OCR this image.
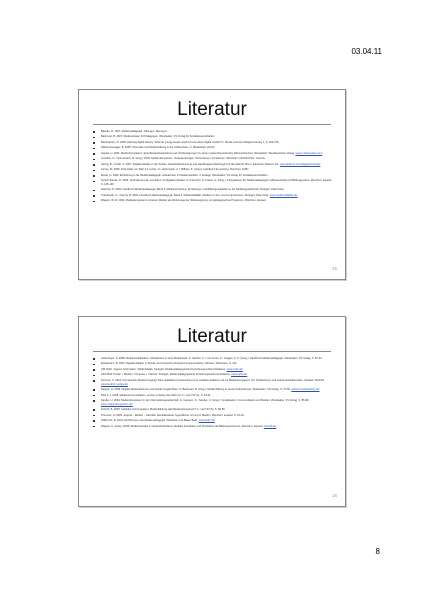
03.04.11
Literatur
Baacke, D. 1997: Medienpädagogik. Tübingen: Niemeyer.
Bachmair, B. 2007: Medienwissen für Pädagogen. Wiesbaden: VS Verlag für Sozialwissenschaften.
Buckingham, D. 2006: Defining digital literacy. What do young people need to know about digital media? In: Nordic Journal of Digital Literacy 1, S. 263-276.
Döbeli Honegger, B. 2005: Informatik und Medienbildung in der Volksschule. In: Medienheft, Zürich.
Gapski, H. 2001: Medienkompetenz. Eine Bestandsaufnahme und Vorüberlegungen zu einem systemtheoretischen Rahmenkonzept. Wiesbaden: Westdeutscher Verlag. www.medienpaed.com/
Groeben, N. / Hurrelmann, B. (Hrsg.) 2002: Medienkompetenz. Voraussetzungen, Dimensionen, Funktionen. Weinheim und München: Juventa.
Herzig, B. / Grafe, S. 2007: Digitale Medien in der Schule. Standortbestimmung und Handlungsempfehlungen für die Zukunft. Bonn: Deutsche Telekom AG. www.telekom.com/dtag/downloads/
Kerres, M. 2006: Potenziale von Web 2.0 nutzen. In: Hohenstein, A. / Wilbers, K. (Hrsg.): Handbuch E-Learning. München: DWD.
Moser, H. 2006: Einführung in die Medienpädagogik. Aufwachsen im Medienzeitalter. 4. Auflage. Wiesbaden: VS Verlag für Sozialwissenschaften.
Schulz-Zander, R. 2005: Veränderung der Lernkultur mit digitalen Medien im Unterricht. In: Kleber, H. (Hrsg.): Perspektiven der Medienpädagogik in Wissenschaft und Bildungspraxis. München: kopaed, S. 125-140.
Spanhel, D. 2006: Handbuch Medienpädagogik. Band 3: Medienerziehung. Erziehungs- und Bildungsaufgaben in der Mediengesellschaft. Stuttgart: Klett-Cotta.
Tulodziecki, G. / Herzig, B. 2004: Handbuch Medienpädagogik. Band 2: Mediendidaktik. Medien in Lehr- und Lernprozessen. Stuttgart: Klett-Cotta. www.mediendidaktik.de/
Wagner, W.-R. 2004: Medienkompetenz revisited. Medien als Werkzeuge der Weltaneignung: ein pädagogisches Programm. München: kopaed.
15
Literatur
Aufenanger, S. 2008: Mediensozialisation. Aufwachsen in einer Medienwelt. In: Sander, U. / von Gross, F. / Hugger, K.-U. (Hrsg.): Handbuch Medienpädagogik. Wiesbaden: VS Verlag, S. 87-92.
Eickelmann, B. 2010: Digitale Medien in Schule und Unterricht erfolgreich implementieren. Münster: Waxmann, S. 112.
JIM 2010: Jugend, Information, (Multi-)Media. Stuttgart: Medienpädagogischer Forschungsverbund Südwest. www.mpfs.de/
KIM 2010: Kinder + Medien, Computer + Internet. Stuttgart: Medienpädagogischer Forschungsverbund Südwest. www.mpfs.de/
Kommer, S. 2010: Kompetenter Medienumgang? Eine qualitative Untersuchung zum medialen Habitus und zur Medienkompetenz von SchülerInnen und Lehramtsstudierenden. Opladen: Budrich. www.budrich-verlag.de/
Niesyto, H. 2009: Digitale Medienkulturen und soziale Ungleichheit. In: Bachmair, B. (Hrsg.): Medienbildung in neuen Kulturräumen. Wiesbaden: VS Verlag, S. 47-66. www.ph-ludwigsburg.de/
Röll, F. J. 2008: Medienkommunikation. Lernen in Zeiten des Web 2.0. In: merz 52 (4), S. 23-31.
Sander, U. 2004: Medienkompetenz in der Informationsgesellschaft. In: Ganguin, S. / Sander, U. (Hrsg.): Sozialisation, Kommunikation und Medien. Wiesbaden: VS Verlag, S. 85-98. www.medienkompetenz.de/
Schorb, B. 2009: Gebildet und kompetent. Medienbildung statt Medienkompetenz? In: merz 53 (5), S. 50-56.
Theunert, H. 2009: Jugend – Medien – Identität. Identitätsarbeit Jugendlicher mit und in Medien. München: kopaed, S. 15-23.
Vollbrecht, R. 2001: Einführung in die Medienpädagogik. Weinheim und Basel: Beltz. www.beltz.de/
Wagner, U. (Hrsg.) 2008: Medienhandeln in Hauptschulmilieus. Mediale Interaktion und Produktion als Bildungsressource. München: kopaed. www.jff.de/
16
8
